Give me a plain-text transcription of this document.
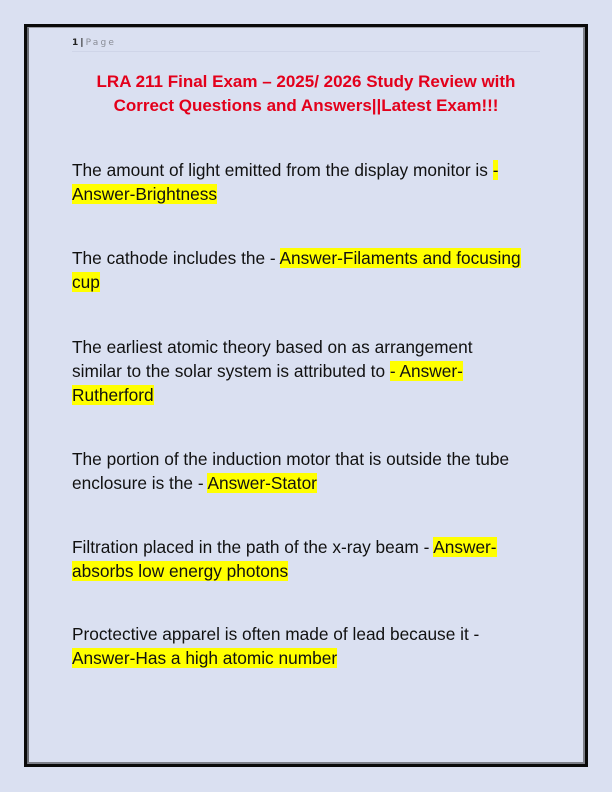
1 | Page
LRA 211 Final Exam – 2025/ 2026 Study Review with
Correct Questions and Answers||Latest Exam!!!
The amount of light emitted from the display monitor is - Answer-Brightness
The cathode includes the - Answer-Filaments and focusing cup
The earliest atomic theory based on as arrangement similar to the solar system is attributed to - Answer-Rutherford
The portion of the induction motor that is outside the tube enclosure is the - Answer-Stator
Filtration placed in the path of the x-ray beam - Answer-absorbs low energy photons
Proctective apparel is often made of lead because it - Answer-Has a high atomic number
